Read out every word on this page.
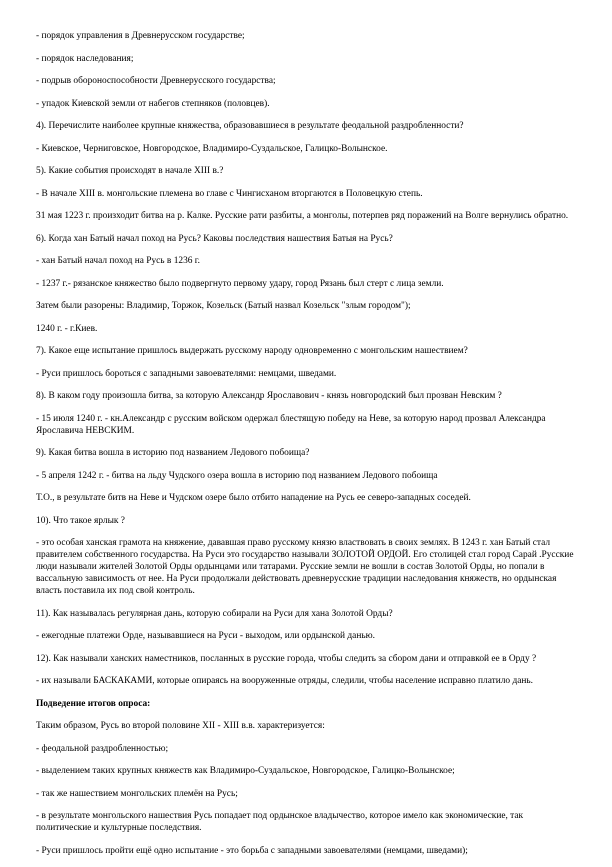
- порядок управления в Древнерусском государстве;

- порядок наследования;

- подрыв обороноспособности Древнерусского государства;

- упадок Киевской земли от набегов степняков (половцев).

4). Перечислите наиболее крупные княжества, образовавшиеся в результате феодальной раздробленности?

- Киевское, Черниговское, Новгородское, Владимиро-Суздальское, Галицко-Волынское.

5). Какие события происходят в начале XIII в.?

- В начале XIII в. монгольские племена во главе с Чингисханом вторгаются в Половецкую степь.

31 мая 1223 г. произходит битва на р. Калке. Русские рати разбиты, а монголы, потерпев ряд поражений на Волге вернулись обратно.

6). Когда хан Батый начал поход на Русь? Каковы последствия нашествия Батыя на Русь?

- хан Батый начал поход на Русь в 1236 г.

- 1237 г.- рязанское княжество было подвергнуто первому удару, город Рязань был стерт с лица земли.

Затем были разорены: Владимир, Торжок, Козельск (Батый назвал Козельск "злым городом");

1240 г. - г.Киев.

7). Какое еще испытание пришлось выдержать русскому народу одновременно с монгольским нашествием?

- Руси пришлось бороться с западными завоевателями: немцами, шведами.

8). В каком году произошла битва, за которую Александр Ярославович - князь новгородский был прозван Невским ?

- 15 июля 1240 г. - кн.Александр с русским войском одержал блестящую победу на Неве, за которую народ прозвал Александра Ярославича НЕВСКИМ.

9). Какая битва вошла в историю под названием Ледового побоища?

- 5 апреля 1242 г. - битва на льду Чудского озера вошла в историю под названием Ледового побоища

Т.О., в результате битв на Неве и Чудском озере было отбито нападение на Русь ее северо-западных соседей.

10). Что такое ярлык ?

- это особая ханская грамота на княжение, дававшая право русскому князю властвовать в своих землях. В 1243 г. хан Батый стал правителем собственного государства. На Руси это государство называли ЗОЛОТОЙ ОРДОЙ. Его столицей стал город Сарай .Русские люди называли жителей Золотой Орды ордынцами или татарами. Русские земли не вошли в состав Золотой Орды, но попали в вассальную зависимость от нее. На Руси продолжали действовать древнерусские традиции наследования княжеств, но ордынская власть поставила их под свой контроль.

11). Как называлась регулярная дань, которую собирали на Руси для хана Золотой Орды?

- ежегодные платежи Орде, называвшиеся на Руси - выходом, или ордынской данью.

12). Как называли ханских наместников, посланных в русские города, чтобы следить за сбором дани и отправкой ее в Орду ?

- их называли БАСКАКАМИ, которые опираясь на вооруженные отряды, следили, чтобы население исправно платило дань.

Подведение итогов опроса:

Таким образом, Русь во второй половине XII - XIII в.в. характеризуется:

- феодальной раздробленностью;

- выделением таких крупных княжеств как Владимиро-Суздальское, Новгородское, Галицко-Волынское;

- так же нашествием монгольских племён на Русь;

- в результате монгольского нашествия Русь попадает под ордынское владычество, которое имело как экономические, так политические и культурные последствия.

- Руси пришлось пройти ещё одно испытание - это борьба с западными завоевателями (немцами, шведами);
